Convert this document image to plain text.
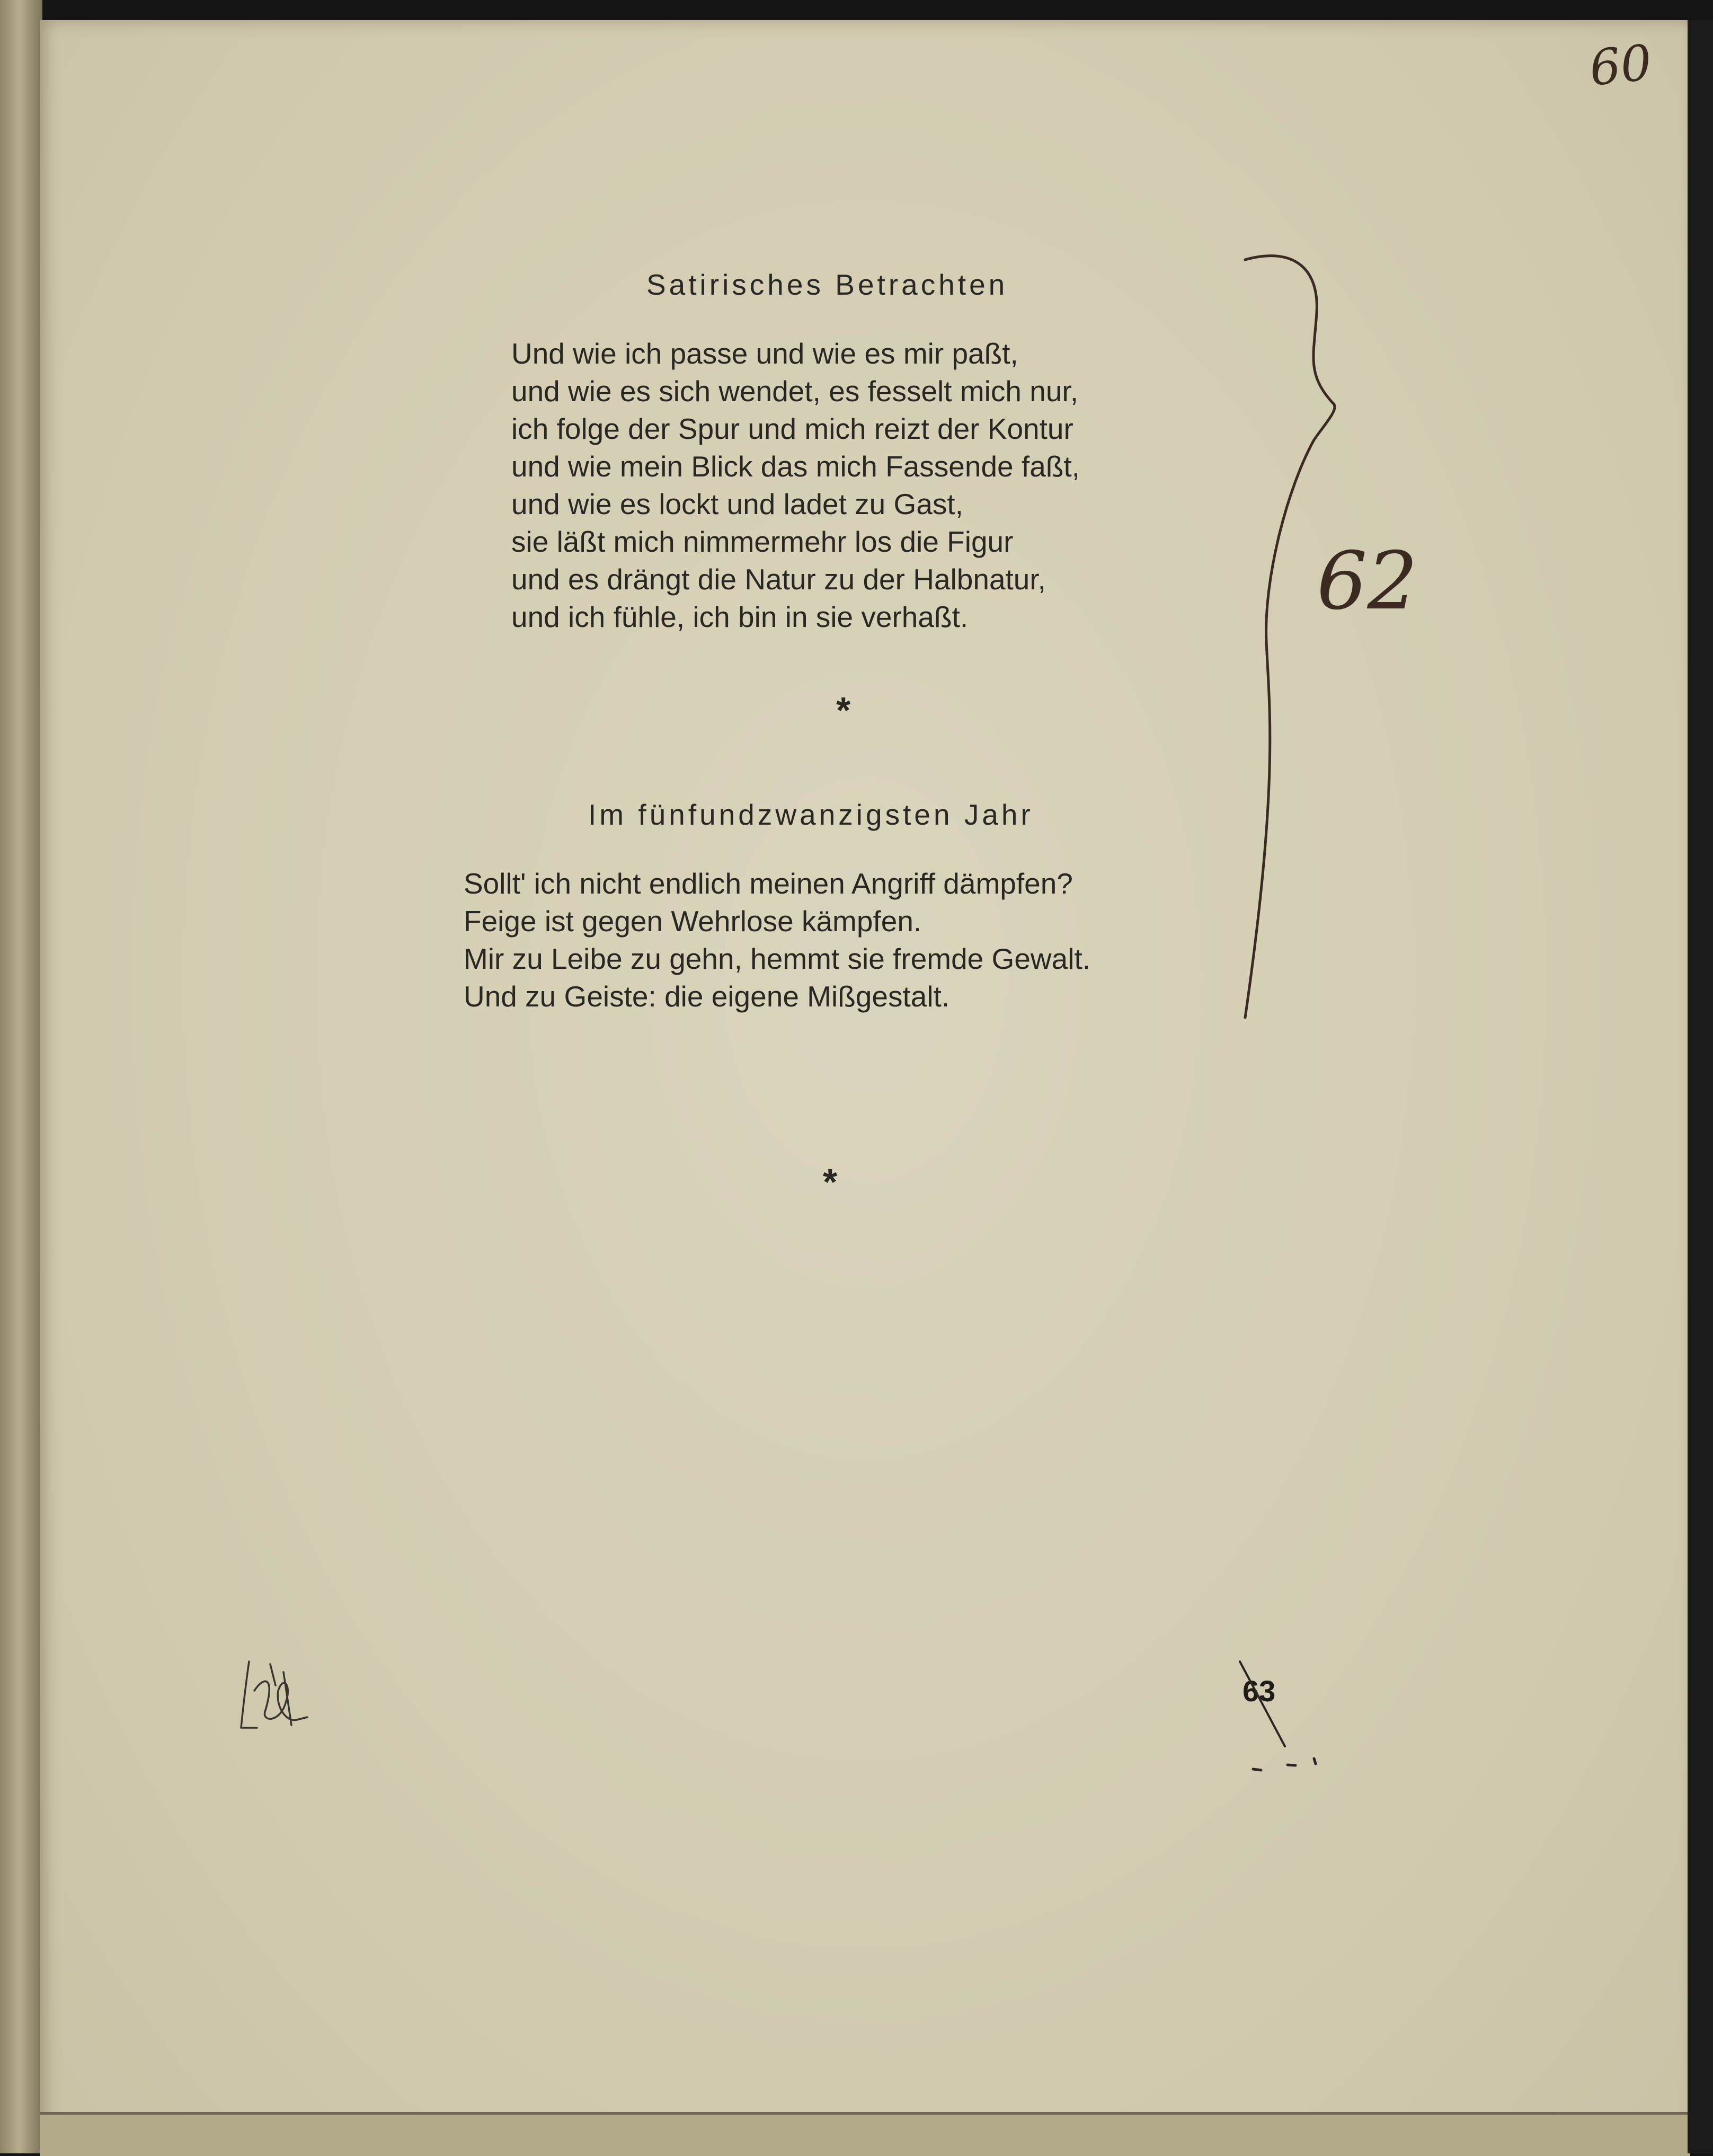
60

62

Satirisches Betrachten
Und wie ich passe und wie es mir paßt,
und wie es sich wendet, es fesselt mich nur,
ich folge der Spur und mich reizt der Kontur
und wie mein Blick das mich Fassende faßt,
und wie es lockt und ladet zu Gast,
sie läßt mich nimmermehr los die Figur
und es drängt die Natur zu der Halbnatur,
und ich fühle, ich bin in sie verhaßt.

*

Im fünfundzwanzigsten Jahr
Sollt' ich nicht endlich meinen Angriff dämpfen?
Feige ist gegen Wehrlose kämpfen.
Mir zu Leibe zu gehn, hemmt sie fremde Gewalt.
Und zu Geiste: die eigene Mißgestalt.

*

63
